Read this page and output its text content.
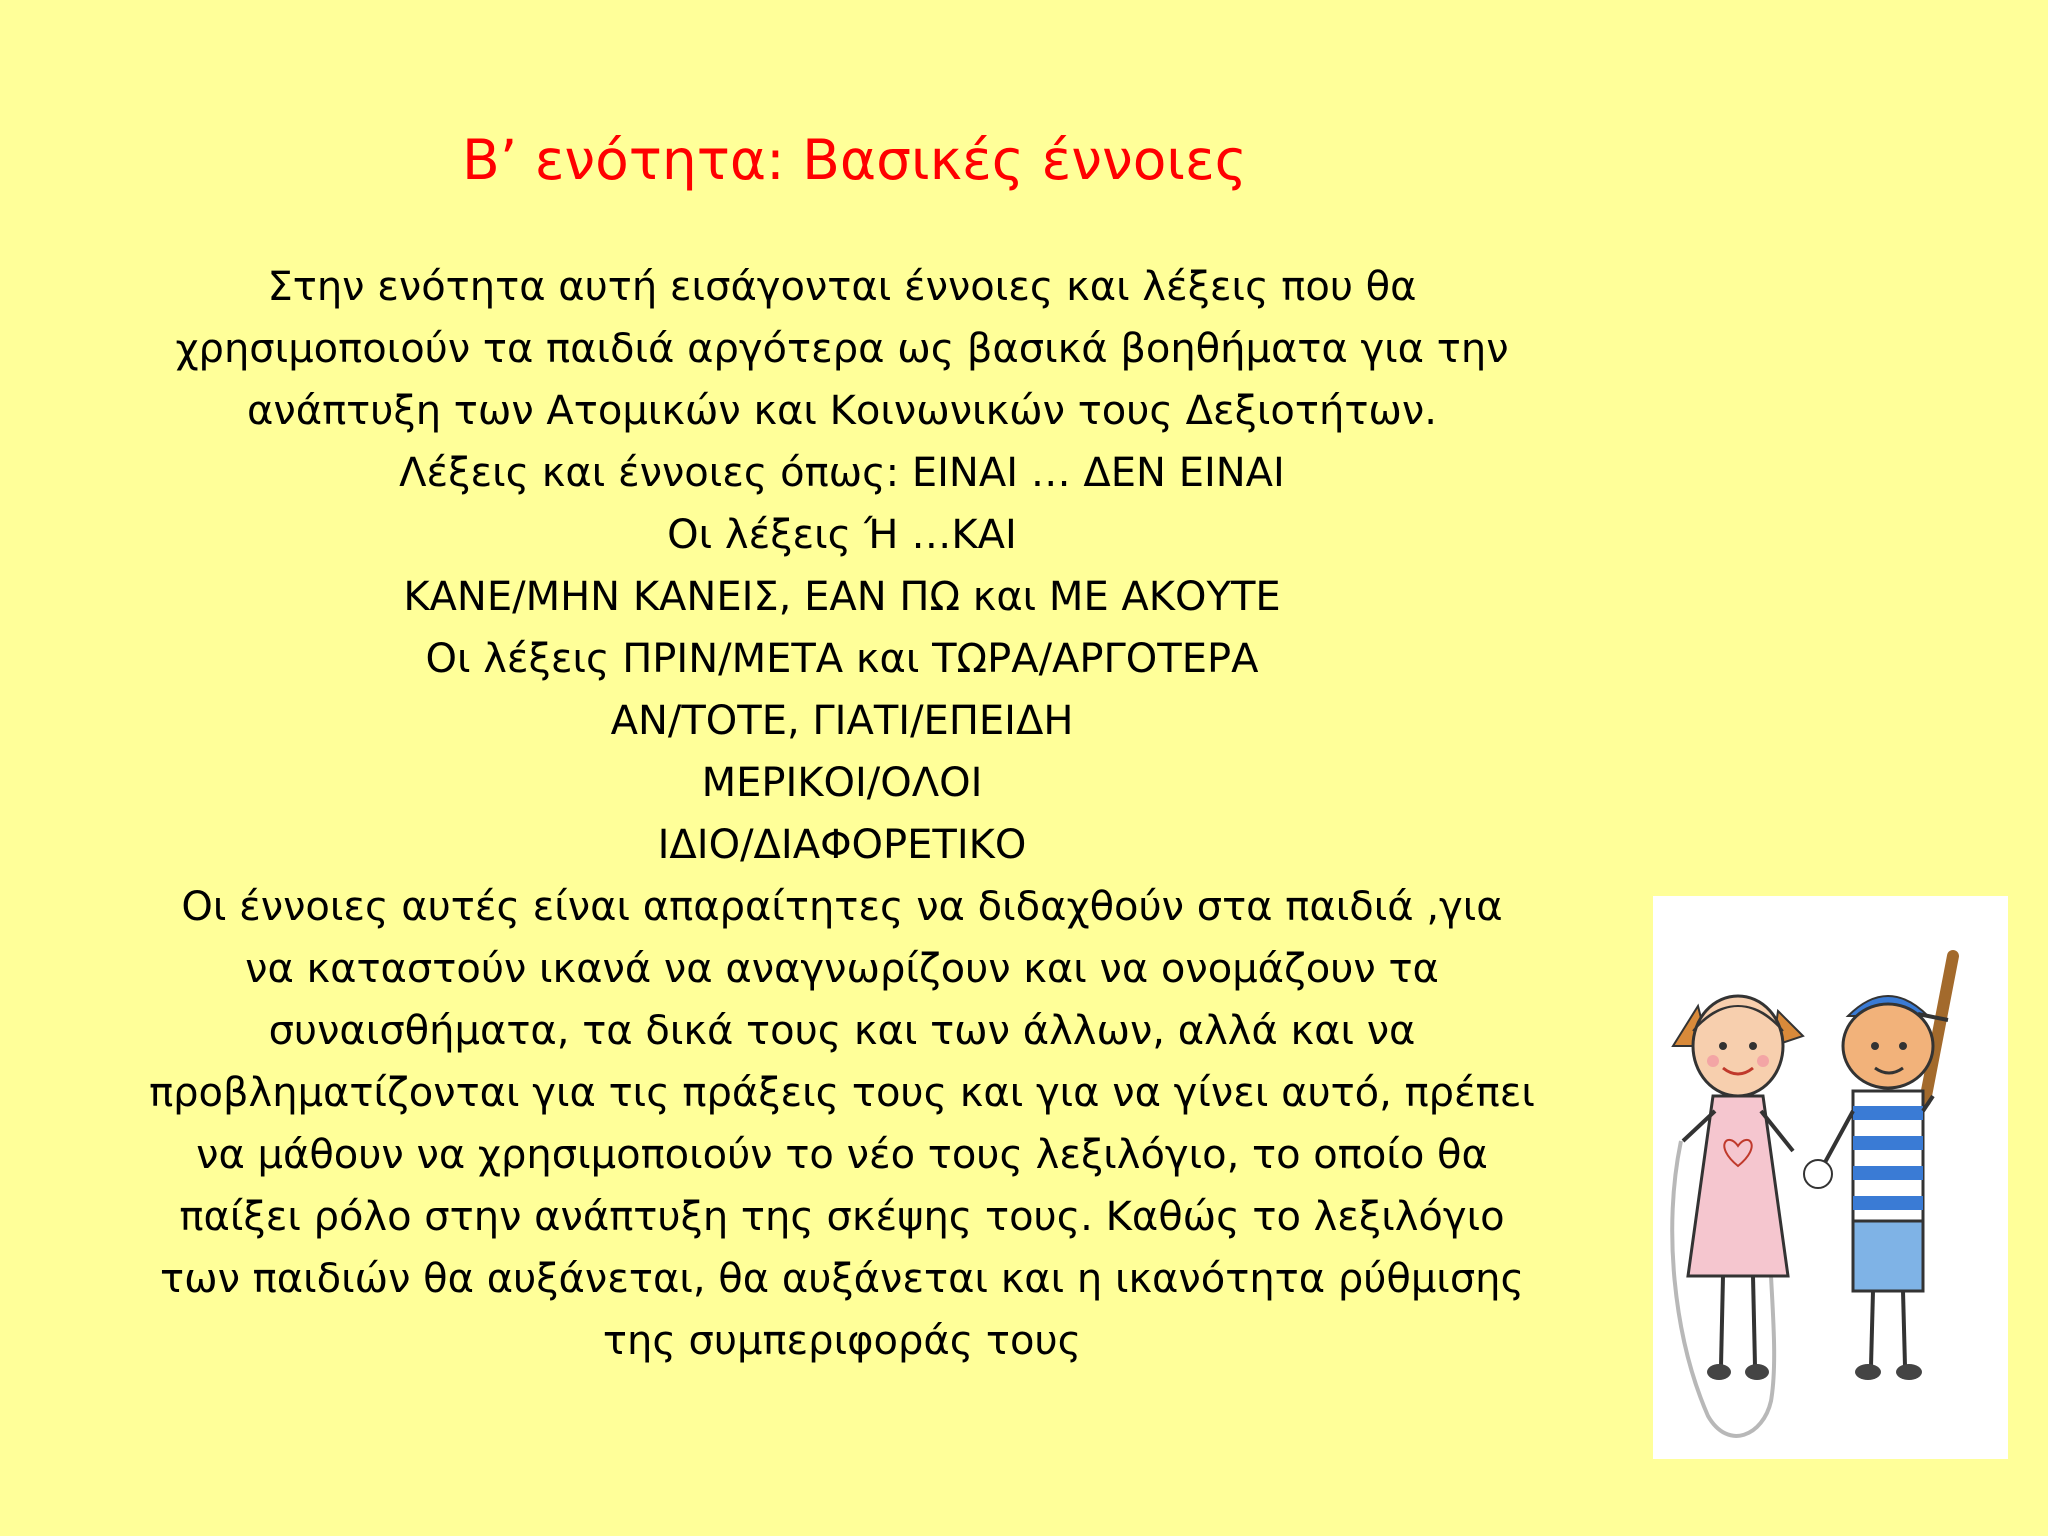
Β’ ενότητα: Βασικές έννοιες
Στην ενότητα αυτή εισάγονται έννοιες και λέξεις που θα
χρησιμοποιούν τα παιδιά αργότερα ως βασικά βοηθήματα για την
ανάπτυξη των Ατομικών και Κοινωνικών τους Δεξιοτήτων.
Λέξεις και έννοιες όπως: ΕΙΝΑΙ … ΔΕΝ ΕΙΝΑΙ
Οι λέξεις Ή …ΚΑΙ
ΚΑΝΕ/ΜΗΝ ΚΑΝΕΙΣ, ΕΑΝ ΠΩ και ΜΕ ΑΚΟΥΤΕ
Οι λέξεις ΠΡΙΝ/ΜΕΤΑ και ΤΩΡΑ/ΑΡΓΟΤΕΡΑ
ΑΝ/ΤΟΤΕ, ΓΙΑΤΙ/ΕΠΕΙΔΗ
ΜΕΡΙΚΟΙ/ΟΛΟΙ
ΙΔΙΟ/ΔΙΑΦΟΡΕΤΙΚΟ
Οι έννοιες αυτές είναι απαραίτητες να διδαχθούν στα παιδιά ,για
να καταστούν ικανά να αναγνωρίζουν και να ονομάζουν τα
συναισθήματα, τα δικά τους και των άλλων, αλλά και να
προβληματίζονται για τις πράξεις τους και για να γίνει αυτό, πρέπει
να μάθουν να χρησιμοποιούν το νέο τους λεξιλόγιο, το οποίο θα
παίξει ρόλο στην ανάπτυξη της σκέψης τους. Καθώς το λεξιλόγιο
των παιδιών θα αυξάνεται, θα αυξάνεται και η ικανότητα ρύθμισης
της συμπεριφοράς τους
